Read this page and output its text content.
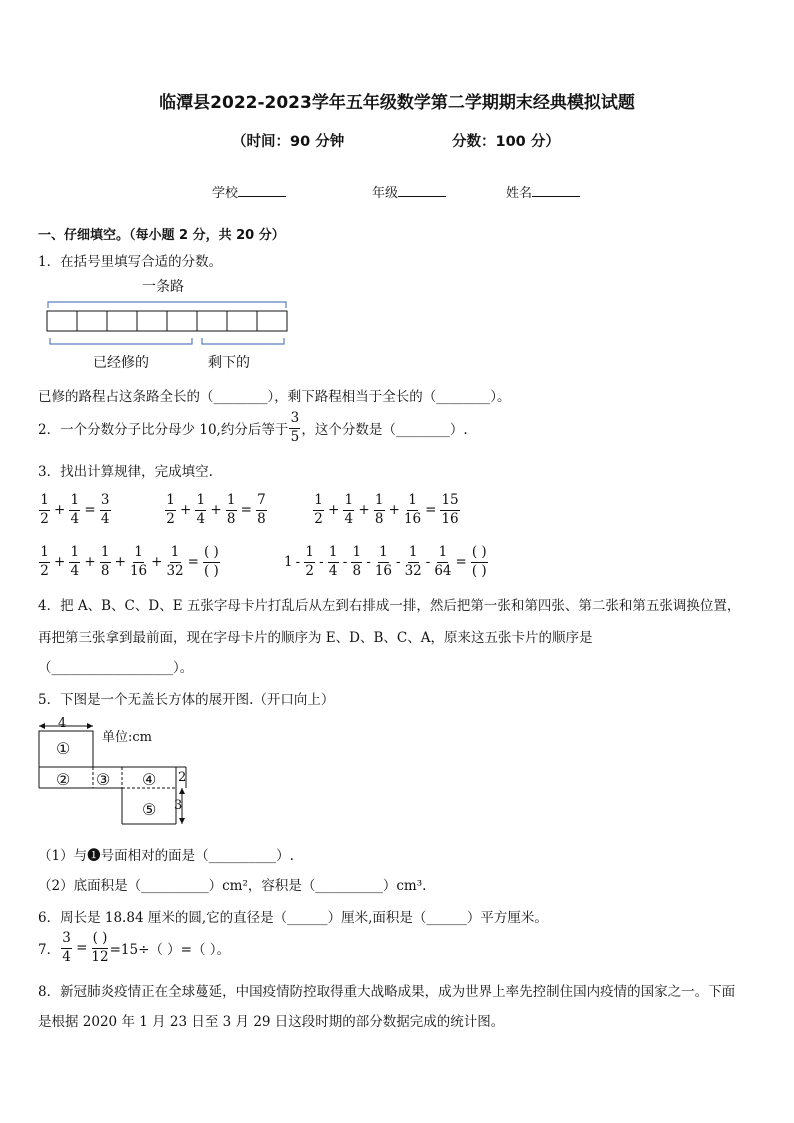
临潭县2022-2023学年五年级数学第二学期期末经典模拟试题
（时间：90 分钟	分数：100 分）
学校	年级	姓名
一、仔细填空。（每小题 2 分，共 20 分）
1．在括号里填写合适的分数。
一条路
已经修的	剩下的
已修的路程占这条路全长的（________），剩下路程相当于全长的（________）。
2．一个分数分子比分母少 10,约分后等于 $\frac{3}{5}$ ，这个分数是（________）.
3．找出计算规律，完成填空.
$\frac{1}{2} + \frac{1}{4} = \frac{3}{4}$	$\frac{1}{2} + \frac{1}{4} + \frac{1}{8} = \frac{7}{8}$	$\frac{1}{2} + \frac{1}{4} + \frac{1}{8} + \frac{1}{16} = \frac{15}{16}$
$\frac{1}{2} + \frac{1}{4} + \frac{1}{8} + \frac{1}{16} + \frac{1}{32} = \frac{( )}{( )}$	$1 - \frac{1}{2} - \frac{1}{4} - \frac{1}{8} - \frac{1}{16} - \frac{1}{32} - \frac{1}{64} = \frac{( )}{( )}$
4．把 A、B、C、D、E 五张字母卡片打乱后从左到右排成一排，然后把第一张和第四张、第二张和第五张调换位置，
再把第三张拿到最前面，现在字母卡片的顺序为 E、D、B、C、A，原来这五张卡片的顺序是
（__________________）。
5．下图是一个无盖长方体的展开图.（开口向上）
4
单位:cm
①
② ③ ④
⑤
2
3
（1）与❶号面相对的面是（__________）.
（2）底面积是（__________）cm²，容积是（__________）cm³.
6．周长是 18.84 厘米的圆,它的直径是（______）厘米,面积是（______）平方厘米。
7． $\frac{3}{4} = \frac{( )}{12} =15\div$（ ）=（ ）。
8．新冠肺炎疫情正在全球蔓延，中国疫情防控取得重大战略成果，成为世界上率先控制住国内疫情的国家之一。下面
是根据 2020 年 1 月 23 日至 3 月 29 日这段时期的部分数据完成的统计图。
